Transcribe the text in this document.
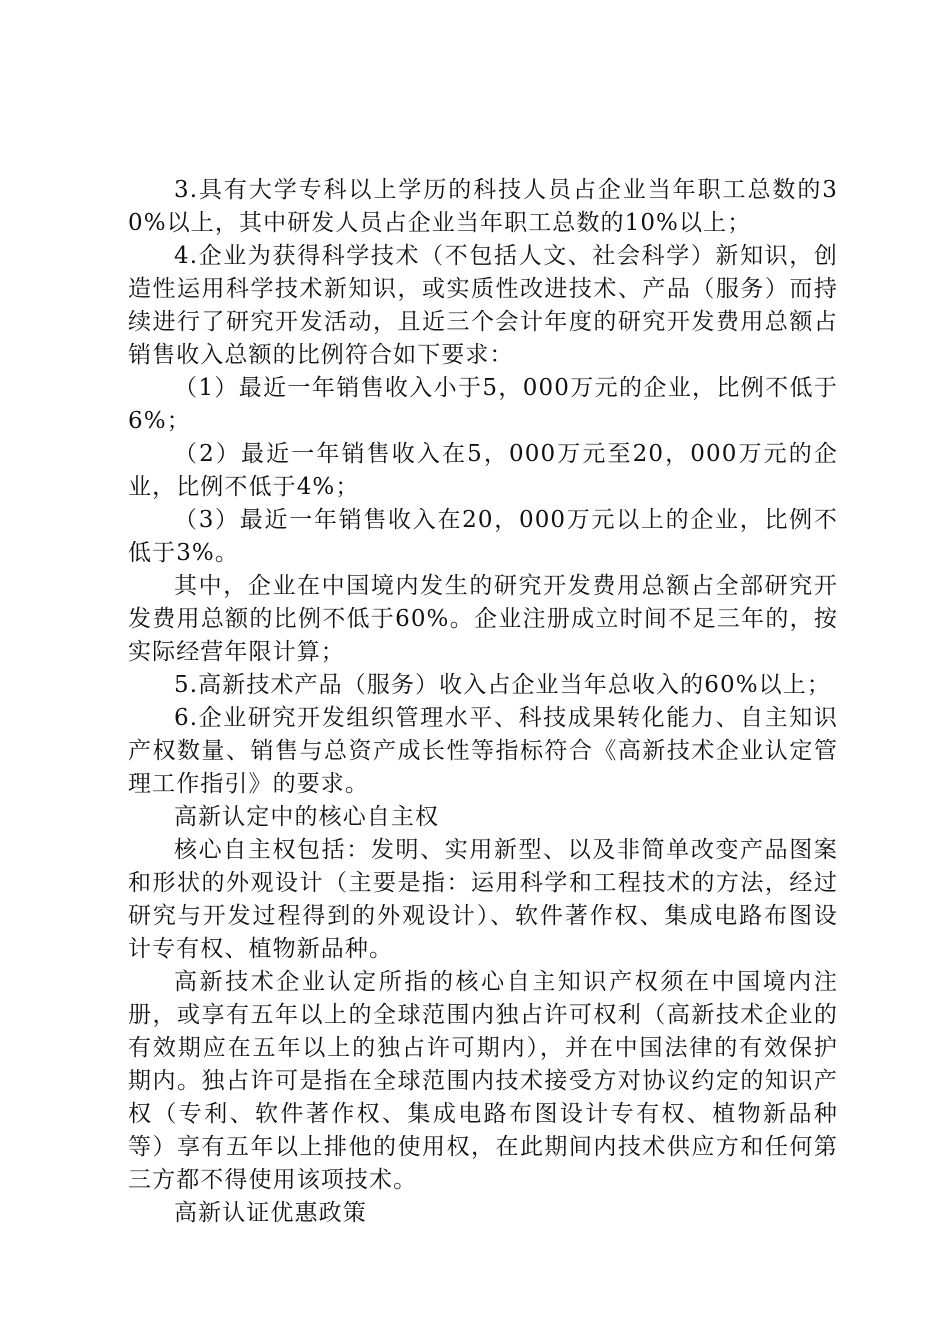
3.具有大学专科以上学历的科技人员占企业当年职工总数的30%以上，其中研发人员占企业当年职工总数的10%以上；

4.企业为获得科学技术（不包括人文、社会科学）新知识，创造性运用科学技术新知识，或实质性改进技术、产品（服务）而持续进行了研究开发活动，且近三个会计年度的研究开发费用总额占销售收入总额的比例符合如下要求：

（1）最近一年销售收入小于5，000万元的企业，比例不低于6%；

（2）最近一年销售收入在5，000万元至20，000万元的企业，比例不低于4%；

（3）最近一年销售收入在20，000万元以上的企业，比例不低于3%。

其中，企业在中国境内发生的研究开发费用总额占全部研究开发费用总额的比例不低于60%。企业注册成立时间不足三年的，按实际经营年限计算；

5.高新技术产品（服务）收入占企业当年总收入的60%以上；

6.企业研究开发组织管理水平、科技成果转化能力、自主知识产权数量、销售与总资产成长性等指标符合《高新技术企业认定管理工作指引》的要求。

高新认定中的核心自主权

核心自主权包括：发明、实用新型、以及非简单改变产品图案和形状的外观设计（主要是指：运用科学和工程技术的方法，经过研究与开发过程得到的外观设计）、软件著作权、集成电路布图设计专有权、植物新品种。

高新技术企业认定所指的核心自主知识产权须在中国境内注册，或享有五年以上的全球范围内独占许可权利（高新技术企业的有效期应在五年以上的独占许可期内），并在中国法律的有效保护期内。独占许可是指在全球范围内技术接受方对协议约定的知识产权（专利、软件著作权、集成电路布图设计专有权、植物新品种等）享有五年以上排他的使用权，在此期间内技术供应方和任何第三方都不得使用该项技术。

高新认证优惠政策
